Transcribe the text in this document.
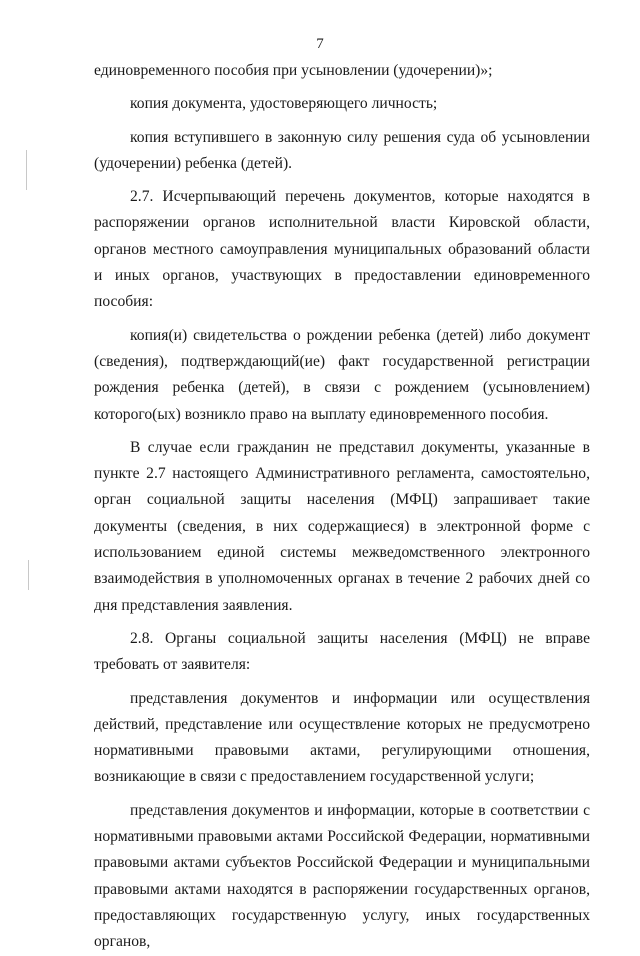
7

единовременного пособия при усыновлении (удочерении)»;

копия документа, удостоверяющего личность;

копия вступившего в законную силу решения суда об усыновлении (удочерении) ребенка (детей).

2.7. Исчерпывающий перечень документов, которые находятся в распоряжении органов исполнительной власти Кировской области, органов местного самоуправления муниципальных образований области и иных органов, участвующих в предоставлении единовременного пособия:

копия(и) свидетельства о рождении ребенка (детей) либо документ (сведения), подтверждающий(ие) факт государственной регистрации рождения ребенка (детей), в связи с рождением (усыновлением) которого(ых) возникло право на выплату единовременного пособия.

В случае если гражданин не представил документы, указанные в пункте 2.7 настоящего Административного регламента, самостоятельно, орган социальной защиты населения (МФЦ) запрашивает такие документы (сведения, в них содержащиеся) в электронной форме с использованием единой системы межведомственного электронного взаимодействия в уполномоченных органах в течение 2 рабочих дней со дня представления заявления.

2.8. Органы социальной защиты населения (МФЦ) не вправе требовать от заявителя:

представления документов и информации или осуществления действий, представление или осуществление которых не предусмотрено нормативными правовыми актами, регулирующими отношения, возникающие в связи с предоставлением государственной услуги;

представления документов и информации, которые в соответствии с нормативными правовыми актами Российской Федерации, нормативными правовыми актами субъектов Российской Федерации и муниципальными правовыми актами находятся в распоряжении государственных органов, предоставляющих государственную услугу, иных государственных органов,
